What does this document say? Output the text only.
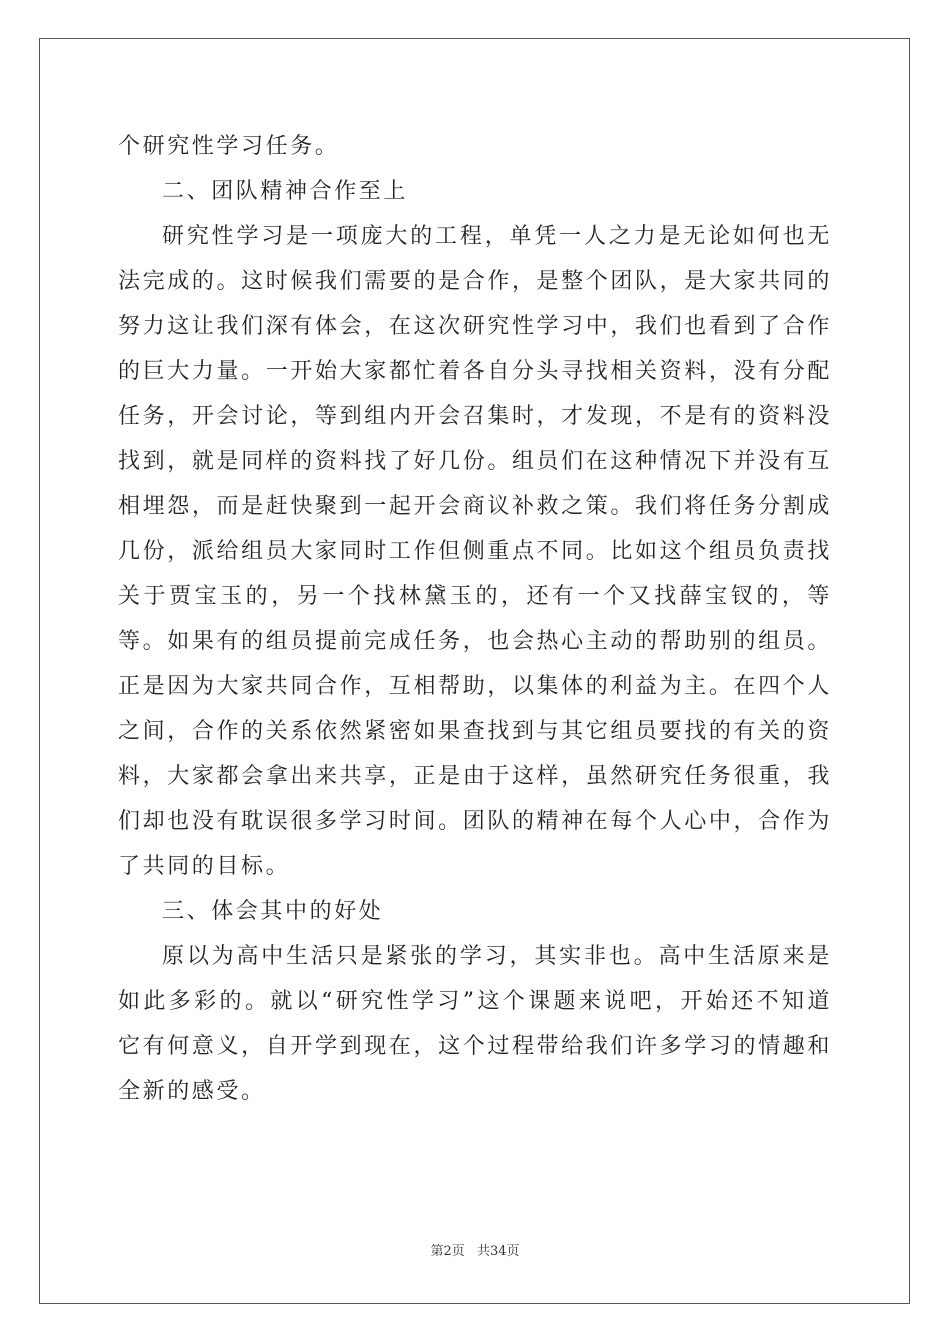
个研究性学习任务。

二、团队精神合作至上

研究性学习是一项庞大的工程，单凭一人之力是无论如何也无法完成的。这时候我们需要的是合作，是整个团队，是大家共同的努力这让我们深有体会，在这次研究性学习中，我们也看到了合作的巨大力量。一开始大家都忙着各自分头寻找相关资料，没有分配任务，开会讨论，等到组内开会召集时，才发现，不是有的资料没找到，就是同样的资料找了好几份。组员们在这种情况下并没有互相埋怨，而是赶快聚到一起开会商议补救之策。我们将任务分割成几份，派给组员大家同时工作但侧重点不同。比如这个组员负责找关于贾宝玉的，另一个找林黛玉的，还有一个又找薛宝钗的，等等。如果有的组员提前完成任务，也会热心主动的帮助别的组员。正是因为大家共同合作，互相帮助，以集体的利益为主。在四个人之间，合作的关系依然紧密如果查找到与其它组员要找的有关的资料，大家都会拿出来共享，正是由于这样，虽然研究任务很重，我们却也没有耽误很多学习时间。团队的精神在每个人心中，合作为了共同的目标。

三、体会其中的好处

原以为高中生活只是紧张的学习，其实非也。高中生活原来是如此多彩的。就以“研究性学习”这个课题来说吧，开始还不知道它有何意义，自开学到现在，这个过程带给我们许多学习的情趣和全新的感受。

第2页 共34页
